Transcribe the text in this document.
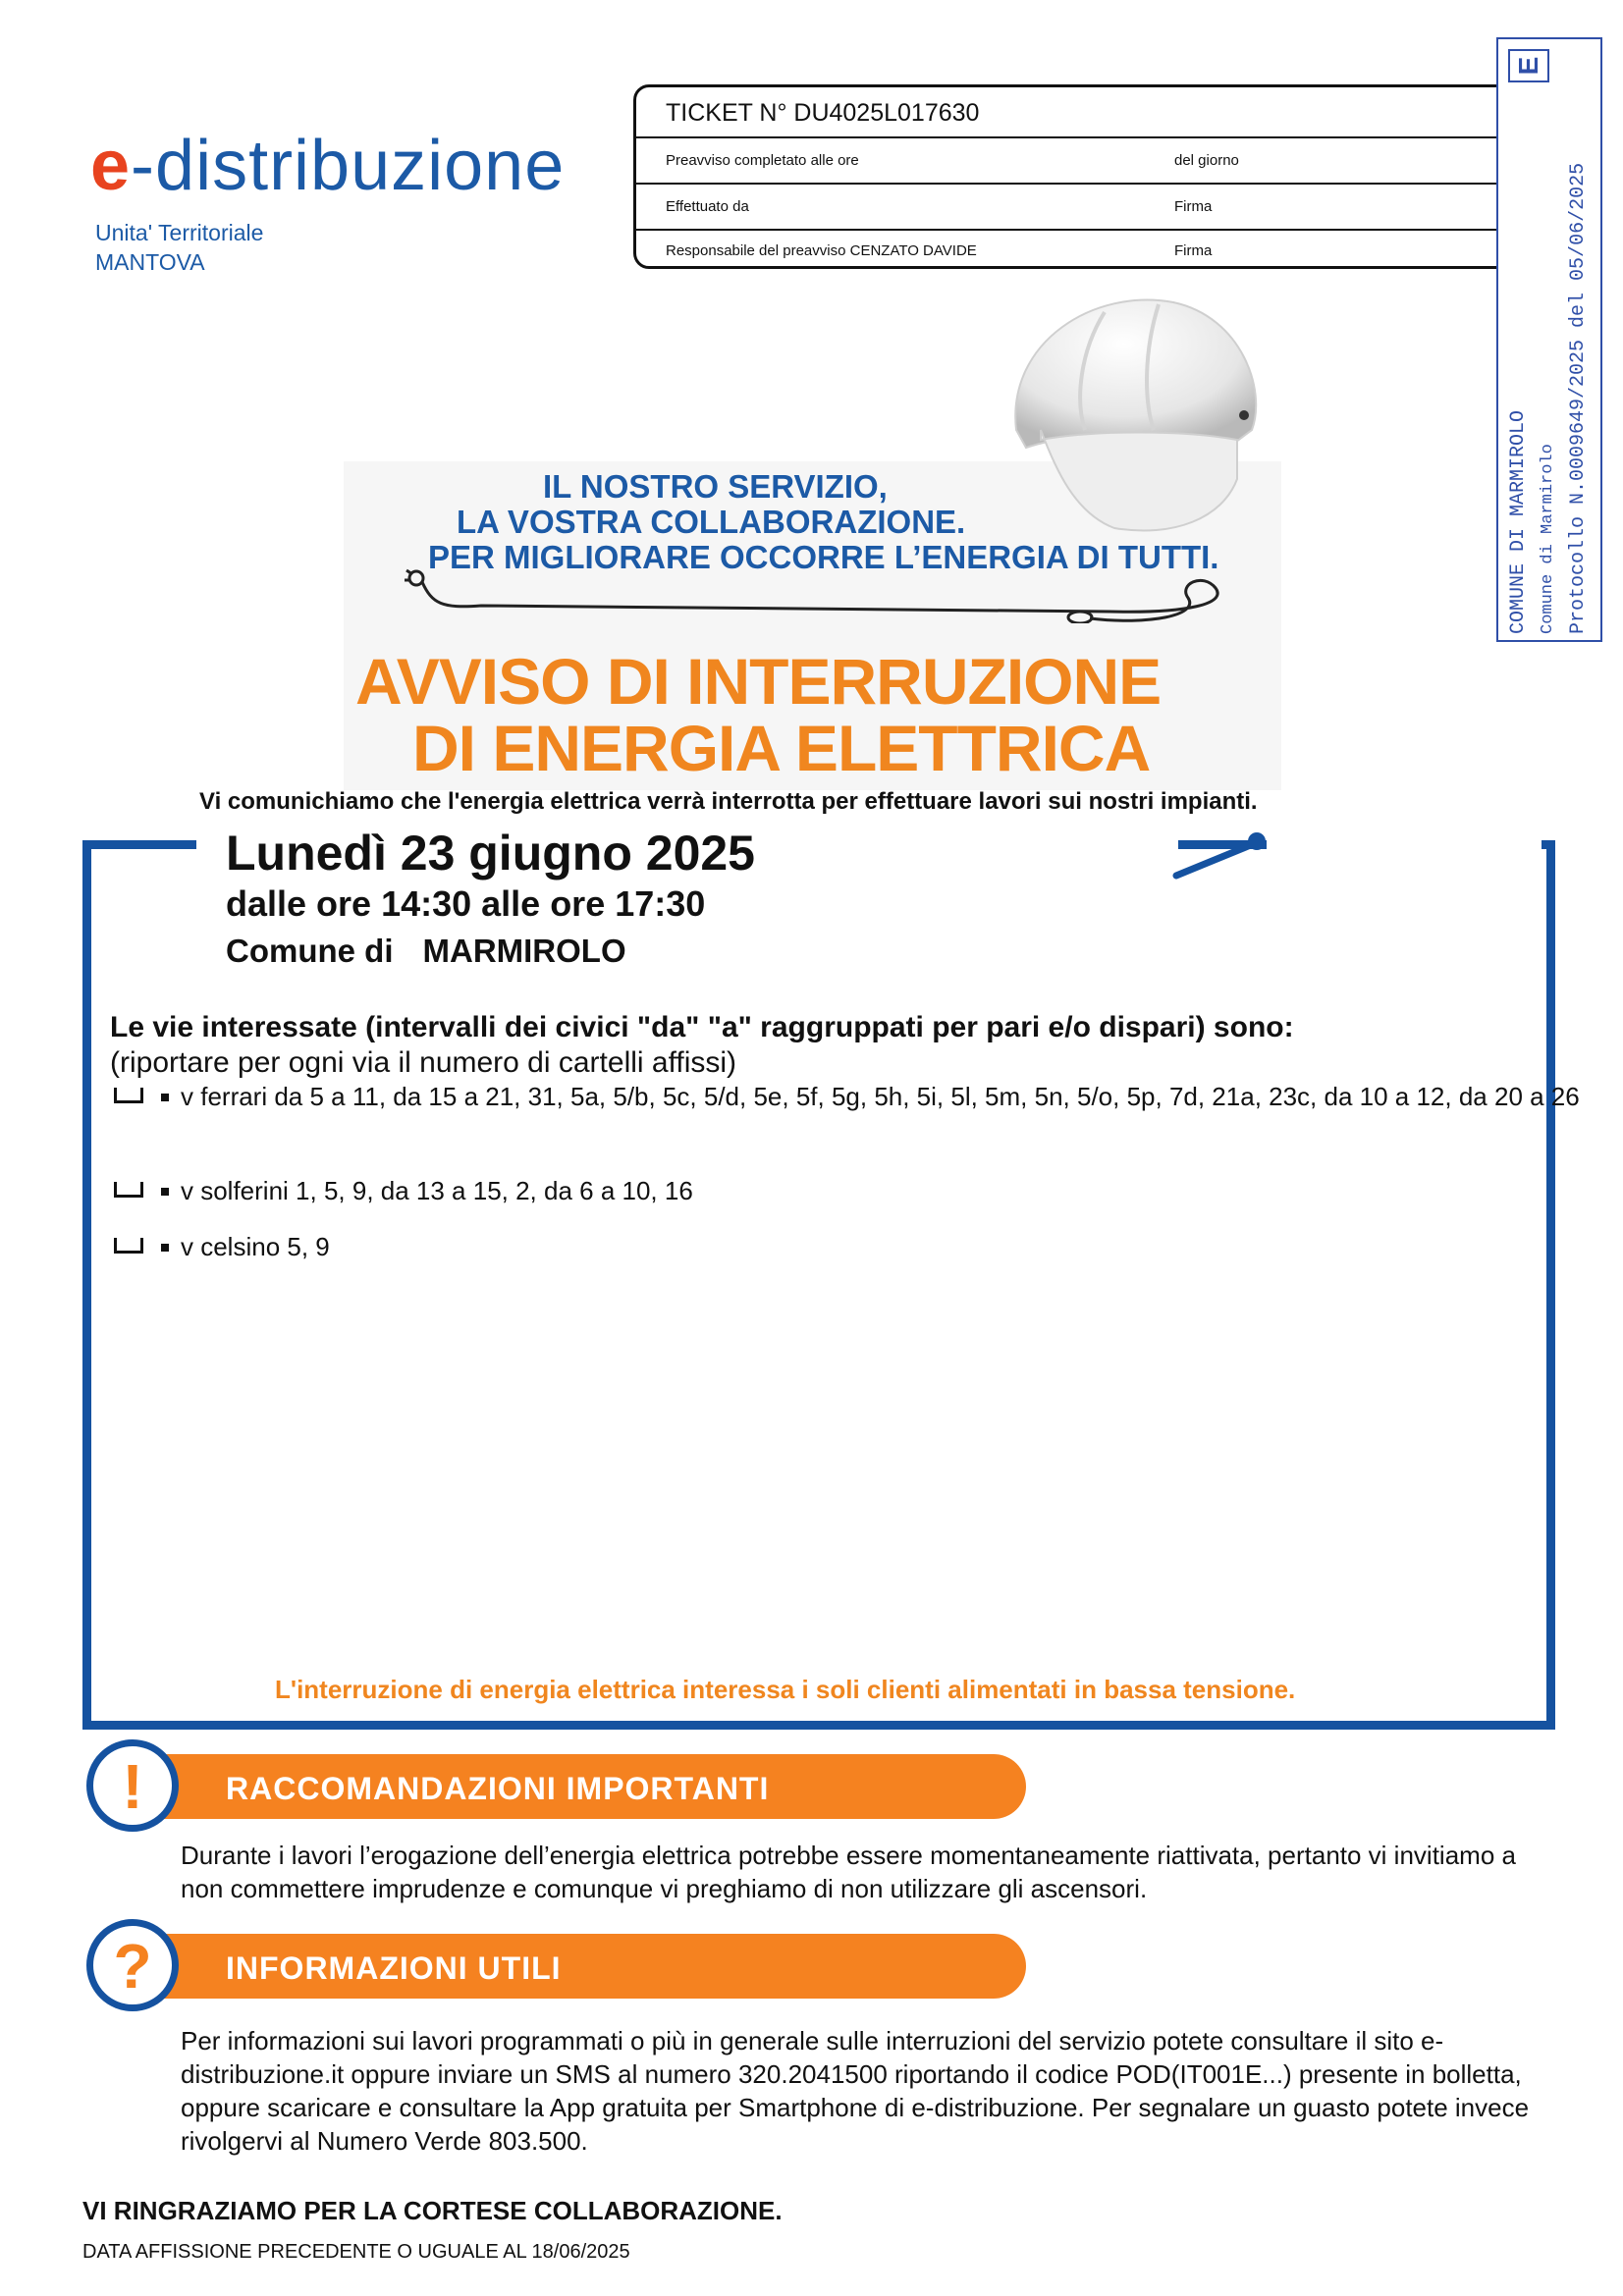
e-distribuzione
Unita' Territoriale
MANTOVA
TICKET N° DU4025L017630
Preavviso completato alle ore	del giorno
Effettuato da	Firma
Responsabile del preavviso CENZATO DAVIDE	Firma
E
COMUNE DI MARMIROLO Comune di Marmirolo Protocollo N.0009649/2025 del 05/06/2025
IL NOSTRO SERVIZIO,
LA VOSTRA COLLABORAZIONE.
PER MIGLIORARE OCCORRE L’ENERGIA DI TUTTI.
AVVISO DI INTERRUZIONE
DI ENERGIA ELETTRICA
Vi comunichiamo che l'energia elettrica verrà interrotta per effettuare lavori sui nostri impianti.
Lunedì 23 giugno 2025
dalle ore 14:30 alle ore 17:30
Comune di MARMIROLO
Le vie interessate (intervalli dei civici "da" "a" raggruppati per pari e/o dispari) sono:
(riportare per ogni via il numero di cartelli affissi)
v ferrari da 5 a 11, da 15 a 21, 31, 5a, 5/b, 5c, 5/d, 5e, 5f, 5g, 5h, 5i, 5l, 5m, 5n, 5/o, 5p, 7d, 21a, 23c, da 10 a 12, da 20 a 26
v solferini 1, 5, 9, da 13 a 15, 2, da 6 a 10, 16
v celsino 5, 9
L'interruzione di energia elettrica interessa i soli clienti alimentati in bassa tensione.
RACCOMANDAZIONI IMPORTANTI
!
Durante i lavori l’erogazione dell’energia elettrica potrebbe essere momentaneamente riattivata, pertanto vi invitiamo a non commettere imprudenze e comunque vi preghiamo di non utilizzare gli ascensori.
INFORMAZIONI UTILI
?
Per informazioni sui lavori programmati o più in generale sulle interruzioni del servizio potete consultare il sito e-distribuzione.it oppure inviare un SMS al numero 320.2041500 riportando il codice POD(IT001E...) presente in bolletta, oppure scaricare e consultare la App gratuita per Smartphone di e-distribuzione. Per segnalare un guasto potete invece rivolgervi al Numero Verde 803.500.
VI RINGRAZIAMO PER LA CORTESE COLLABORAZIONE.
DATA AFFISSIONE PRECEDENTE O UGUALE AL 18/06/2025
